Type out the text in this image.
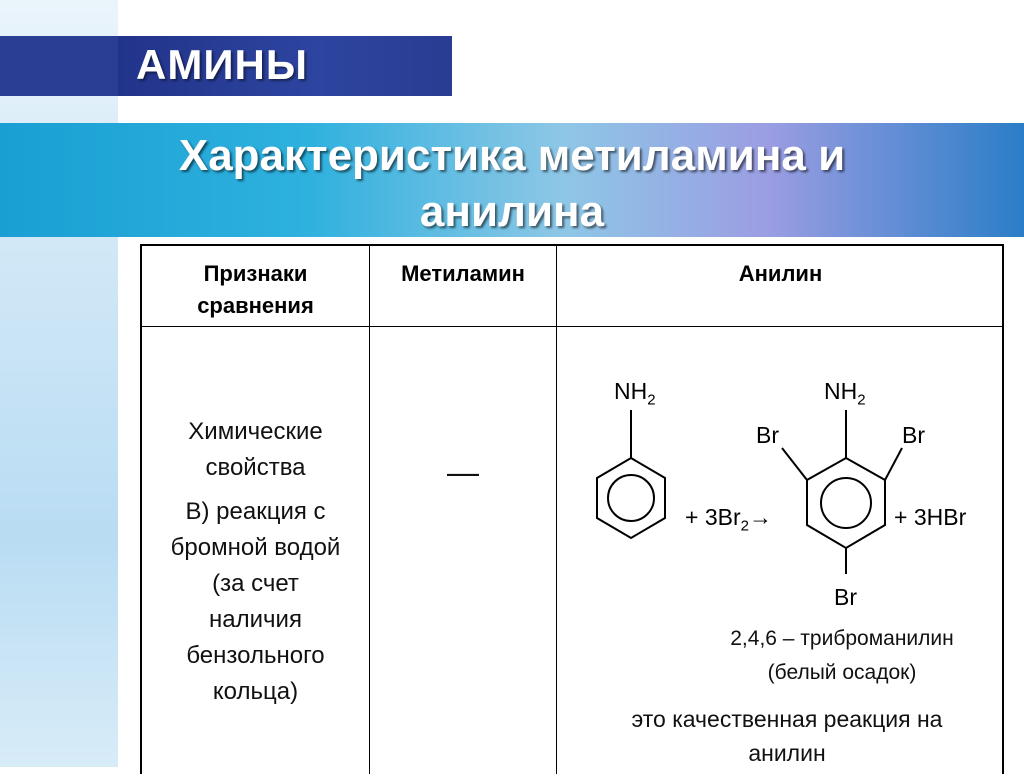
АМИНЫ
Характеристика метиламина и
анилина
Признаки
сравнения
Метиламин	Анилин
Химические
свойства
В) реакция с
бромной водой
(за счет
наличия
бензольного
кольца)
—
$NH_2$
+ $3Br_2\to$
$NH_2$
Br	Br
Br
+ 3HBr
2,4,6 – триброманилин
(белый осадок)
это качественная реакция на
анилин
